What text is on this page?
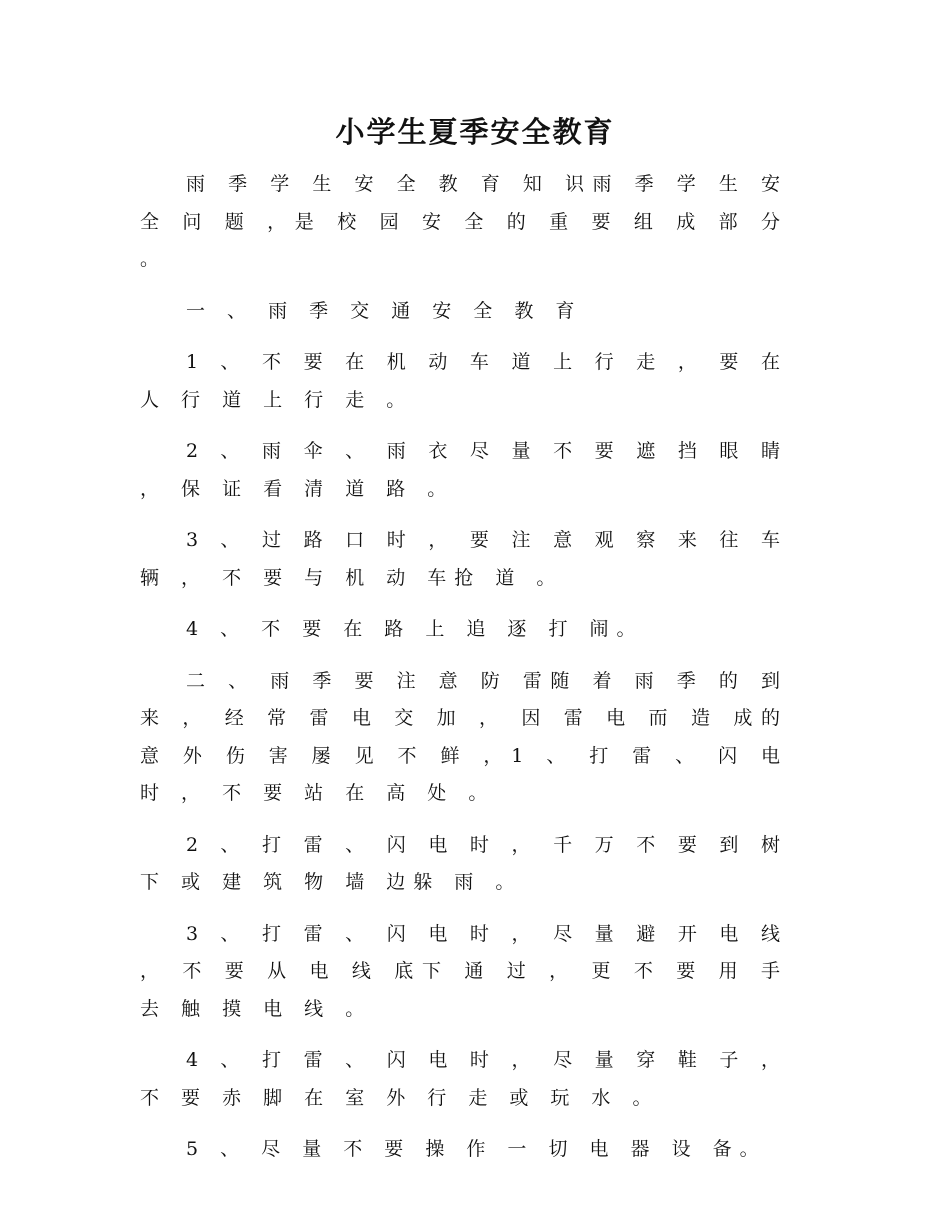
小学生夏季安全教育

雨 季 学 生 安 全 教 育 知 识雨 季 学 生 安 全 问 题 ，是 校 园 安 全 的 重 要 组 成 部 分 。

一 、 雨 季 交 通 安 全 教 育

1 、 不 要 在 机 动 车 道 上 行 走 ， 要 在 人 行 道 上 行 走 。

2 、 雨 伞 、 雨 衣 尽 量 不 要 遮 挡 眼 睛 ， 保 证 看 清 道 路 。

3 、 过 路 口 时 ， 要 注 意 观 察 来 往 车 辆 ， 不 要 与 机 动 车抢 道 。

4 、 不 要 在 路 上 追 逐 打 闹。

二 、 雨 季 要 注 意 防 雷随 着 雨 季 的 到 来 ， 经 常 雷 电 交 加 ， 因 雷 电 而 造 成的 意 外 伤 害 屡 见 不 鲜 ，1 、 打 雷 、 闪 电 时 ， 不 要 站 在 高 处 。

2 、 打 雷 、 闪 电 时 ， 千 万 不 要 到 树 下 或 建 筑 物 墙 边躲 雨 。

3 、 打 雷 、 闪 电 时 ， 尽 量 避 开 电 线 ， 不 要 从 电 线 底下 通 过 ， 更 不 要 用 手 去 触 摸 电 线 。

4 、 打 雷 、 闪 电 时 ， 尽 量 穿 鞋 子 ， 不 要 赤 脚 在 室 外 行 走 或 玩 水 。

5 、 尽 量 不 要 操 作 一 切 电 器 设 备。
